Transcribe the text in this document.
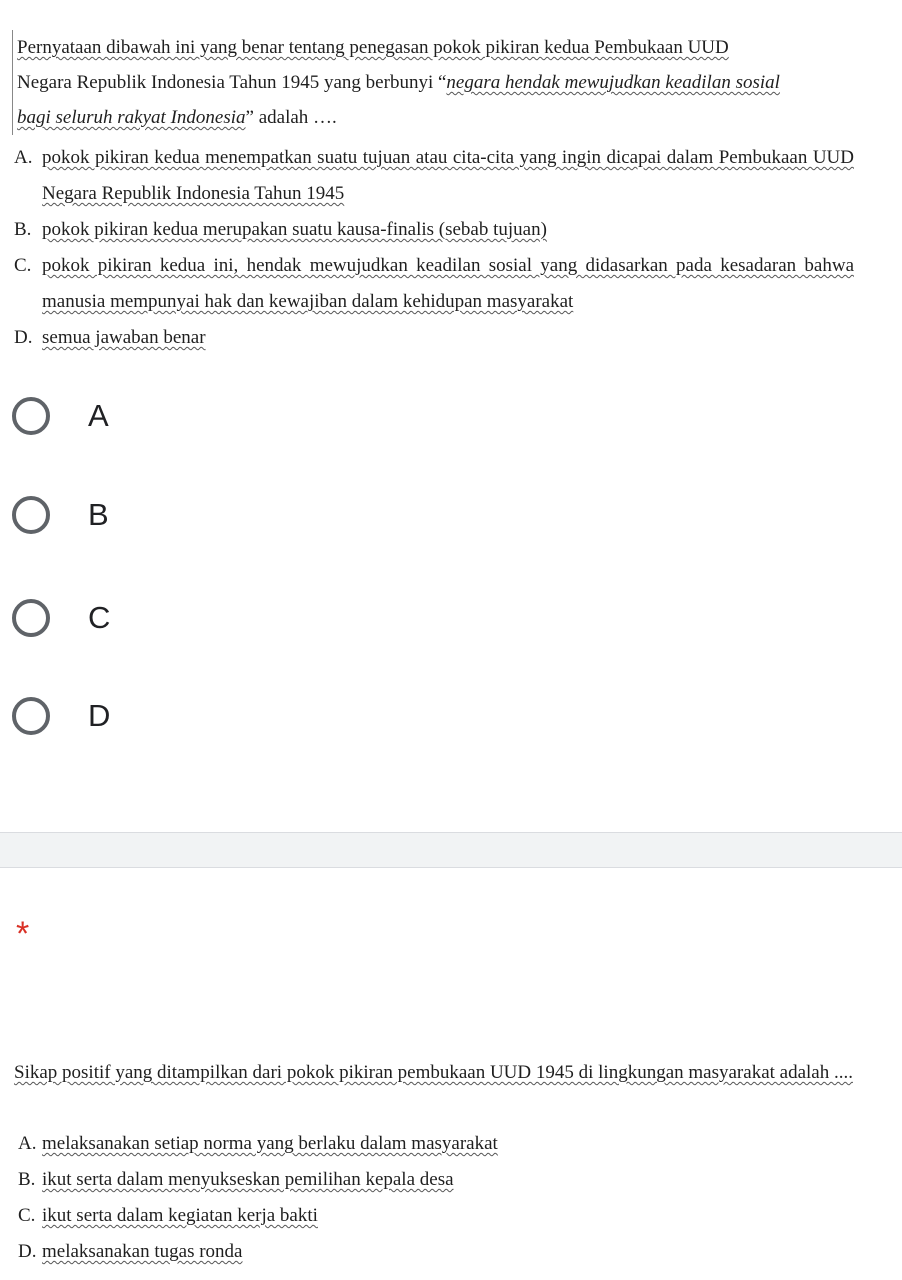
Pernyataan dibawah ini yang benar tentang penegasan pokok pikiran kedua Pembukaan UUD

Negara Republik Indonesia Tahun 1945 yang berbunyi “negara hendak mewujudkan keadilan sosial

bagi seluruh rakyat Indonesia” adalah ….

A. pokok pikiran kedua menempatkan suatu tujuan atau cita-cita yang ingin dicapai dalam Pembukaan UUD Negara Republik Indonesia Tahun 1945
B. pokok pikiran kedua merupakan suatu kausa-finalis (sebab tujuan)
C. pokok pikiran kedua ini, hendak mewujudkan keadilan sosial yang didasarkan pada kesadaran bahwa manusia mempunyai hak dan kewajiban dalam kehidupan masyarakat
D. semua jawaban benar
A
B
C
D
*

Sikap positif yang ditampilkan dari pokok pikiran pembukaan UUD 1945 di lingkungan masyarakat adalah ....

A. melaksanakan setiap norma yang berlaku dalam masyarakat
B. ikut serta dalam menyukseskan pemilihan kepala desa
C. ikut serta dalam kegiatan kerja bakti
D. melaksanakan tugas ronda
